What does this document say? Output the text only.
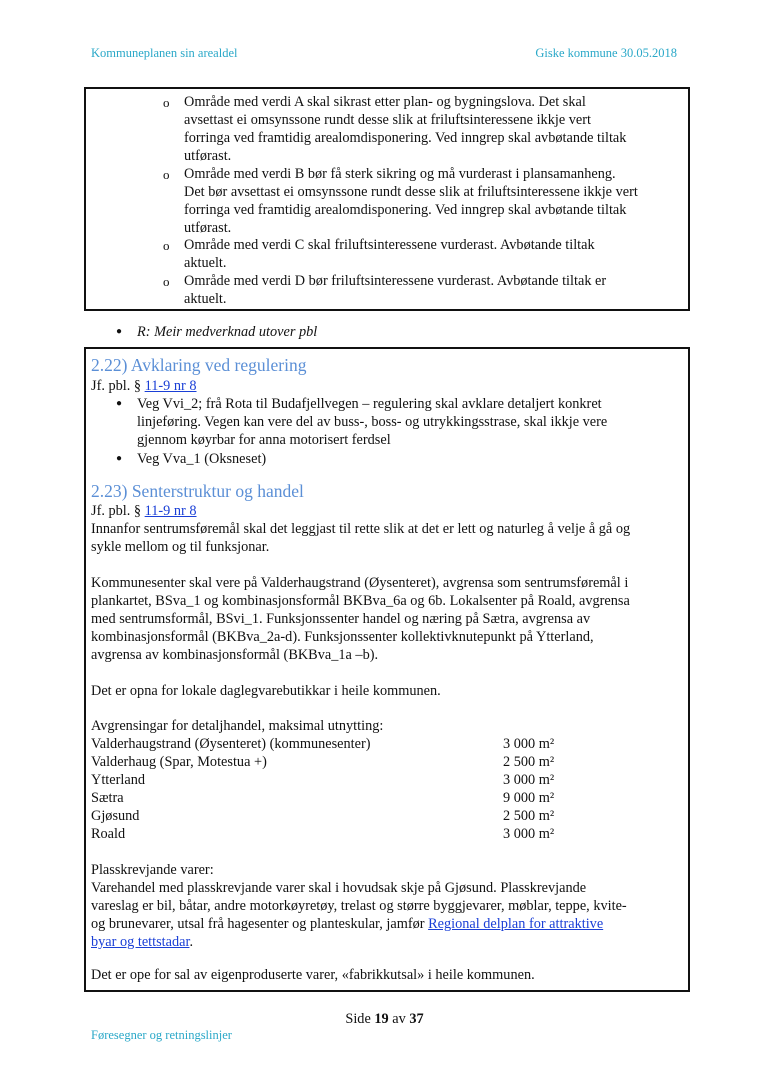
Kommuneplanen sin arealdel	Giske kommune 30.05.2018
o Område med verdi A skal sikrast etter plan- og bygningslova. Det skal
avsettast ei omsynssone rundt desse slik at friluftsinteressene ikkje vert
forringa ved framtidig arealomdisponering. Ved inngrep skal avbøtande tiltak
utførast.
o Område med verdi B bør få sterk sikring og må vurderast i plansamanheng.
Det bør avsettast ei omsynssone rundt desse slik at friluftsinteressene ikkje vert
forringa ved framtidig arealomdisponering. Ved inngrep skal avbøtande tiltak
utførast.
o Område med verdi C skal friluftsinteressene vurderast. Avbøtande tiltak
aktuelt.
o Område med verdi D bør friluftsinteressene vurderast. Avbøtande tiltak er
aktuelt.
● R: Meir medverknad utover pbl
2.22) Avklaring ved regulering
Jf. pbl. § 11-9 nr 8
● Veg Vvi_2; frå Rota til Budafjellvegen – regulering skal avklare detaljert konkret
linjeføring. Vegen kan vere del av buss-, boss- og utrykkingsstrase, skal ikkje vere
gjennom køyrbar for anna motorisert ferdsel
● Veg Vva_1 (Oksneset)
2.23) Senterstruktur og handel
Jf. pbl. § 11-9 nr 8
Innanfor sentrumsføremål skal det leggjast til rette slik at det er lett og naturleg å velje å gå og
sykle mellom og til funksjonar.
Kommunesenter skal vere på Valderhaugstrand (Øysenteret), avgrensa som sentrumsføremål i
plankartet, BSva_1 og kombinasjonsformål BKBva_6a og 6b. Lokalsenter på Roald, avgrensa
med sentrumsformål, BSvi_1. Funksjonssenter handel og næring på Sætra, avgrensa av
kombinasjonsformål (BKBva_2a-d). Funksjonssenter kollektivknutepunkt på Ytterland,
avgrensa av kombinasjonsformål (BKBva_1a –b).
Det er opna for lokale daglegvarebutikkar i heile kommunen.
Avgrensingar for detaljhandel, maksimal utnytting:
Valderhaugstrand (Øysenteret) (kommunesenter)	3 000 m²
Valderhaug (Spar, Motestua +)	2 500 m²
Ytterland	3 000 m²
Sætra	9 000 m²
Gjøsund	2 500 m²
Roald	3 000 m²
Plasskrevjande varer:
Varehandel med plasskrevjande varer skal i hovudsak skje på Gjøsund. Plasskrevjande
vareslag er bil, båtar, andre motorkøyretøy, trelast og større byggjevarer, møblar, teppe, kvite-
og brunevarer, utsal frå hagesenter og planteskular, jamfør Regional delplan for attraktive
byar og tettstadar.
Det er ope for sal av eigenproduserte varer, «fabrikkutsal» i heile kommunen.
Side 19 av 37
Føresegner og retningslinjer
